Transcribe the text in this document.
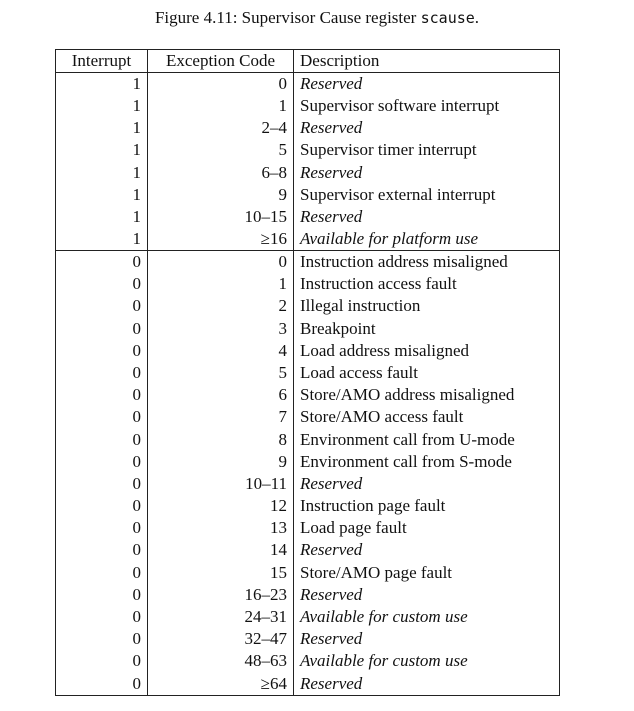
Figure 4.11: Supervisor Cause register scause.
Interrupt	Exception Code	Description
1	0	Reserved
1	1	Supervisor software interrupt
1	2–4	Reserved
1	5	Supervisor timer interrupt
1	6–8	Reserved
1	9	Supervisor external interrupt
1	10–15	Reserved
1	≥16	Available for platform use
0	0	Instruction address misaligned
0	1	Instruction access fault
0	2	Illegal instruction
0	3	Breakpoint
0	4	Load address misaligned
0	5	Load access fault
0	6	Store/AMO address misaligned
0	7	Store/AMO access fault
0	8	Environment call from U-mode
0	9	Environment call from S-mode
0	10–11	Reserved
0	12	Instruction page fault
0	13	Load page fault
0	14	Reserved
0	15	Store/AMO page fault
0	16–23	Reserved
0	24–31	Available for custom use
0	32–47	Reserved
0	48–63	Available for custom use
0	≥64	Reserved
